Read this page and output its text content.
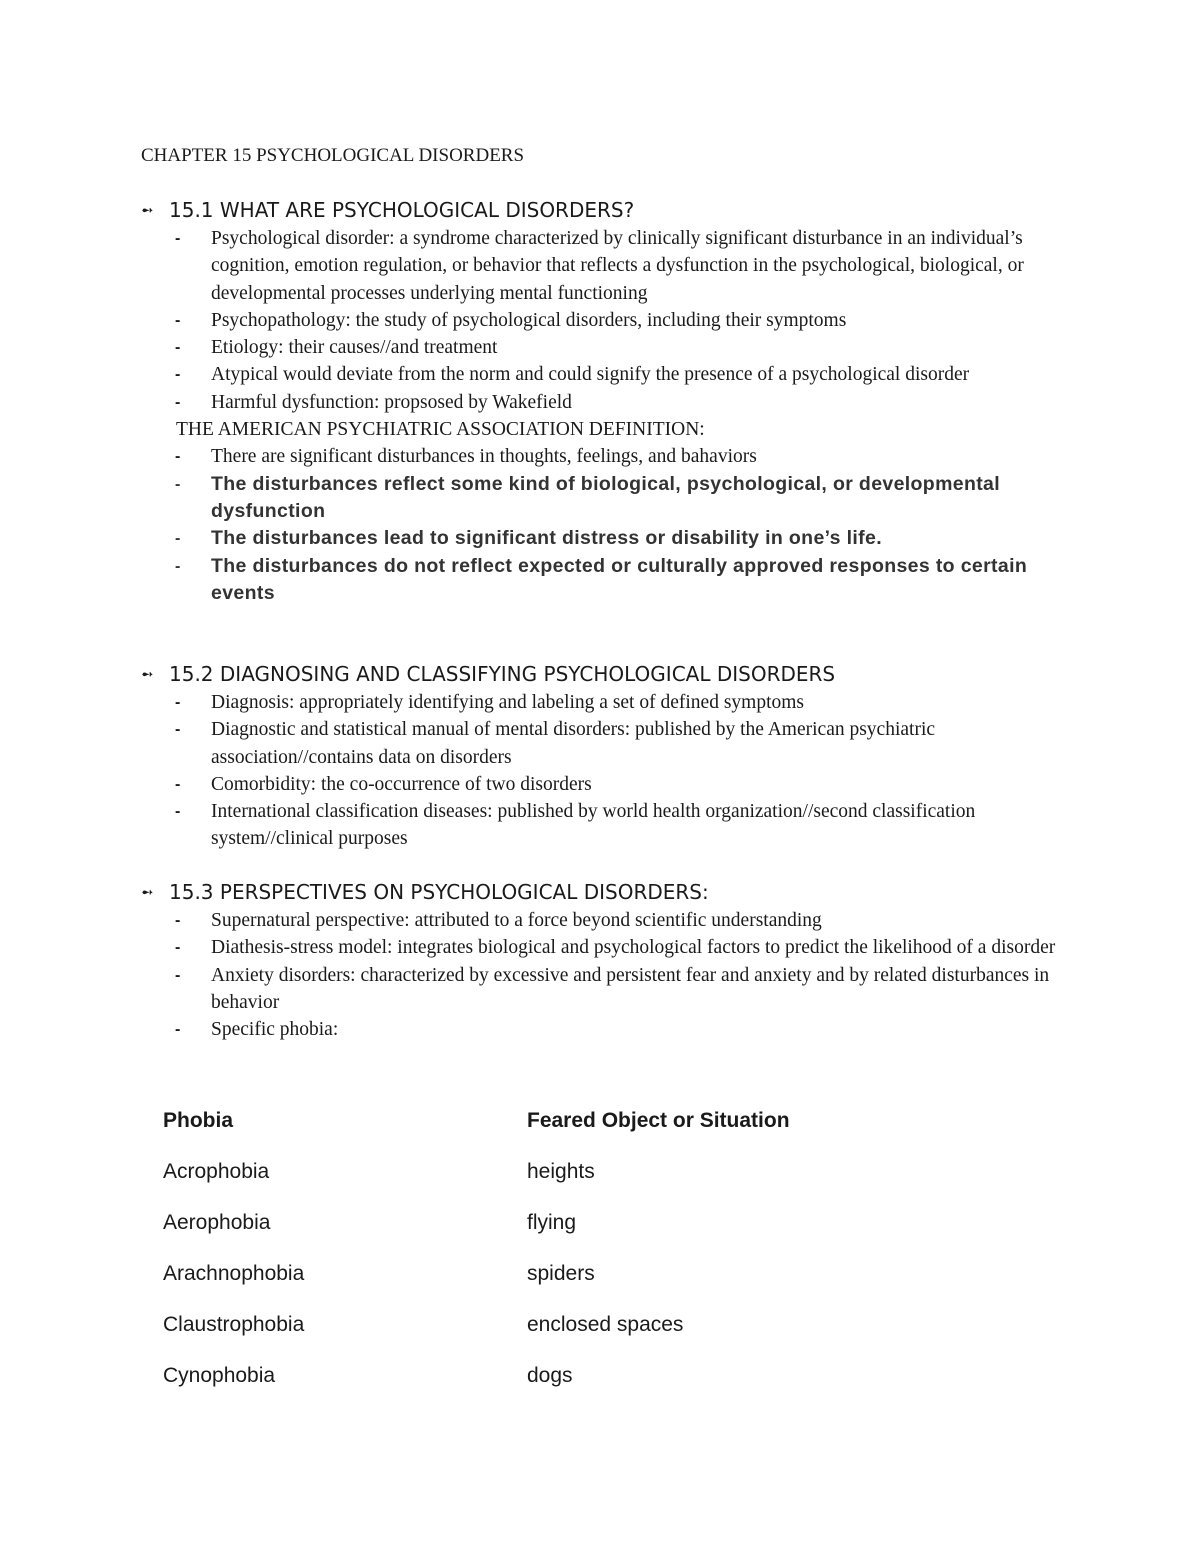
CHAPTER 15 PSYCHOLOGICAL DISORDERS
➻ 15.1 WHAT ARE PSYCHOLOGICAL DISORDERS?
- Psychological disorder: a syndrome characterized by clinically significant disturbance in an individual’s cognition, emotion regulation, or behavior that reflects a dysfunction in the psychological, biological, or developmental processes underlying mental functioning
- Psychopathology: the study of psychological disorders, including their symptoms
- Etiology: their causes//and treatment
- Atypical would deviate from the norm and could signify the presence of a psychological disorder
- Harmful dysfunction: propsosed by Wakefield
THE AMERICAN PSYCHIATRIC ASSOCIATION DEFINITION:
- There are significant disturbances in thoughts, feelings, and bahaviors
- The disturbances reflect some kind of biological, psychological, or developmental dysfunction
- The disturbances lead to significant distress or disability in one’s life.
- The disturbances do not reflect expected or culturally approved responses to certain events
➻ 15.2 DIAGNOSING AND CLASSIFYING PSYCHOLOGICAL DISORDERS
- Diagnosis: appropriately identifying and labeling a set of defined symptoms
- Diagnostic and statistical manual of mental disorders: published by the American psychiatric association//contains data on disorders
- Comorbidity: the co-occurrence of two disorders
- International classification diseases: published by world health organization//second classification system//clinical purposes
➻ 15.3 PERSPECTIVES ON PSYCHOLOGICAL DISORDERS:
- Supernatural perspective: attributed to a force beyond scientific understanding
- Diathesis-stress model: integrates biological and psychological factors to predict the likelihood of a disorder
- Anxiety disorders: characterized by excessive and persistent fear and anxiety and by related disturbances in behavior
- Specific phobia:
Phobia	Feared Object or Situation
Acrophobia	heights
Aerophobia	flying
Arachnophobia	spiders
Claustrophobia	enclosed spaces
Cynophobia	dogs
